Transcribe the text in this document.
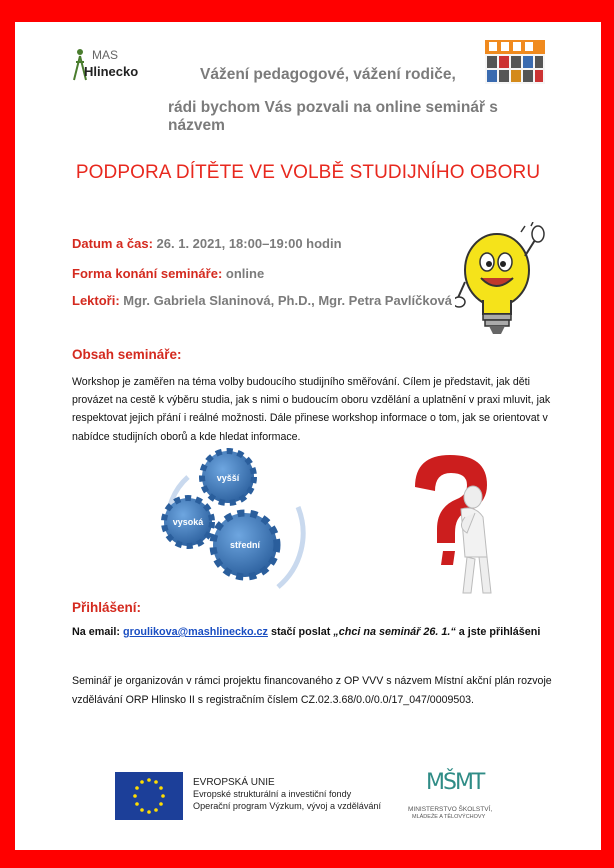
MAS
Hlinecko	Vážení pedagogové, vážení rodiče,
rádi bychom Vás pozvali na online seminář s názvem
PODPORA DÍTĚTE VE VOLBĚ STUDIJNÍHO OBORU
Datum a čas: 26. 1. 2021, 18:00–19:00 hodin
Forma konání semináře: online
Lektoři: Mgr. Gabriela Slaninová, Ph.D., Mgr. Petra Pavlíčková
Obsah semináře:
Workshop je zaměřen na téma volby budoucího studijního směřování. Cílem je představit, jak děti provázet na cestě k výběru studia, jak s nimi o budoucím oboru vzdělání a uplatnění v praxi mluvit, jak respektovat jejich přání i reálné možnosti. Dále přinese workshop informace o tom, jak se orientovat v nabídce studijních oborů a kde hledat informace.
vyšší
vysoká
střední
Přihlášení:
Na email: groulikova@mashlinecko.cz stačí poslat „chci na seminář 26. 1.“ a jste přihlášeni
Seminář je organizován v rámci projektu financovaného z OP VVV s názvem Místní akční plán rozvoje vzdělávání ORP Hlinsko II s registračním číslem CZ.02.3.68/0.0/0.0/17_047/0009503.
EVROPSKÁ UNIE
Evropské strukturální a investiční fondy
Operační program Výzkum, vývoj a vzdělávání
MŠMT
MINISTERSTVO ŠKOLSTVÍ,
MLÁDEŽE A TĚLOVÝCHOVY
